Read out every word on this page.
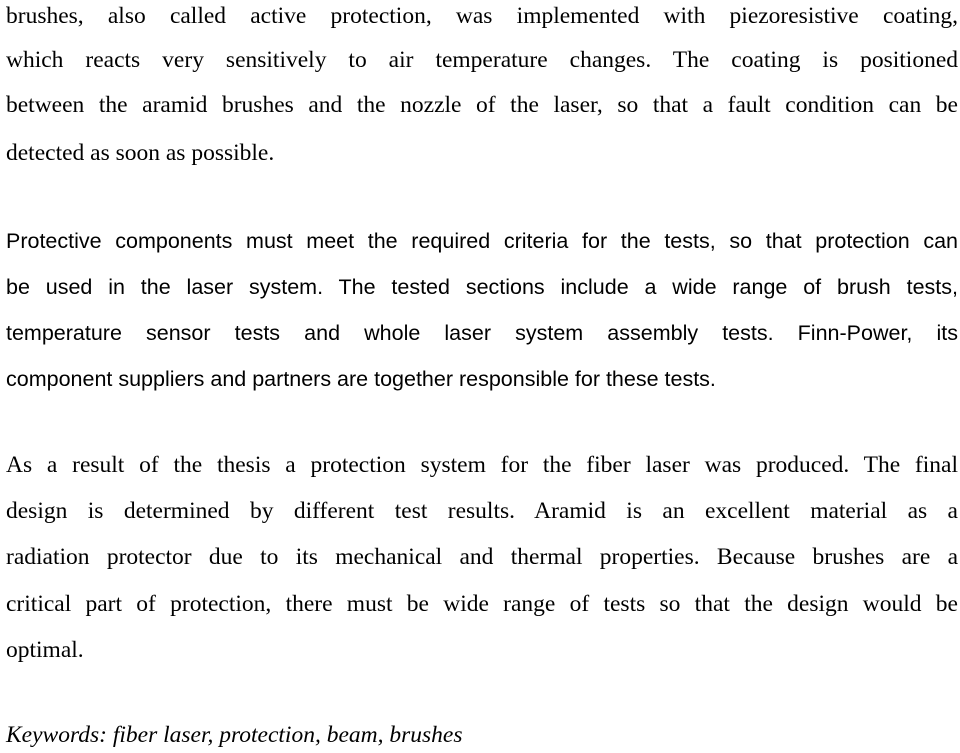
brushes, also called active protection, was implemented with piezoresistive coating,
which reacts very sensitively to air temperature changes. The coating is positioned
between the aramid brushes and the nozzle of the laser, so that a fault condition can be
detected as soon as possible.
Protective components must meet the required criteria for the tests, so that protection can
be used in the laser system. The tested sections include a wide range of brush tests,
temperature sensor tests and whole laser system assembly tests. Finn-Power, its
component suppliers and partners are together responsible for these tests.
As a result of the thesis a protection system for the fiber laser was produced. The final
design is determined by different test results. Aramid is an excellent material as a
radiation protector due to its mechanical and thermal properties. Because brushes are a
critical part of protection, there must be wide range of tests so that the design would be
optimal.
Keywords: fiber laser, protection, beam, brushes
